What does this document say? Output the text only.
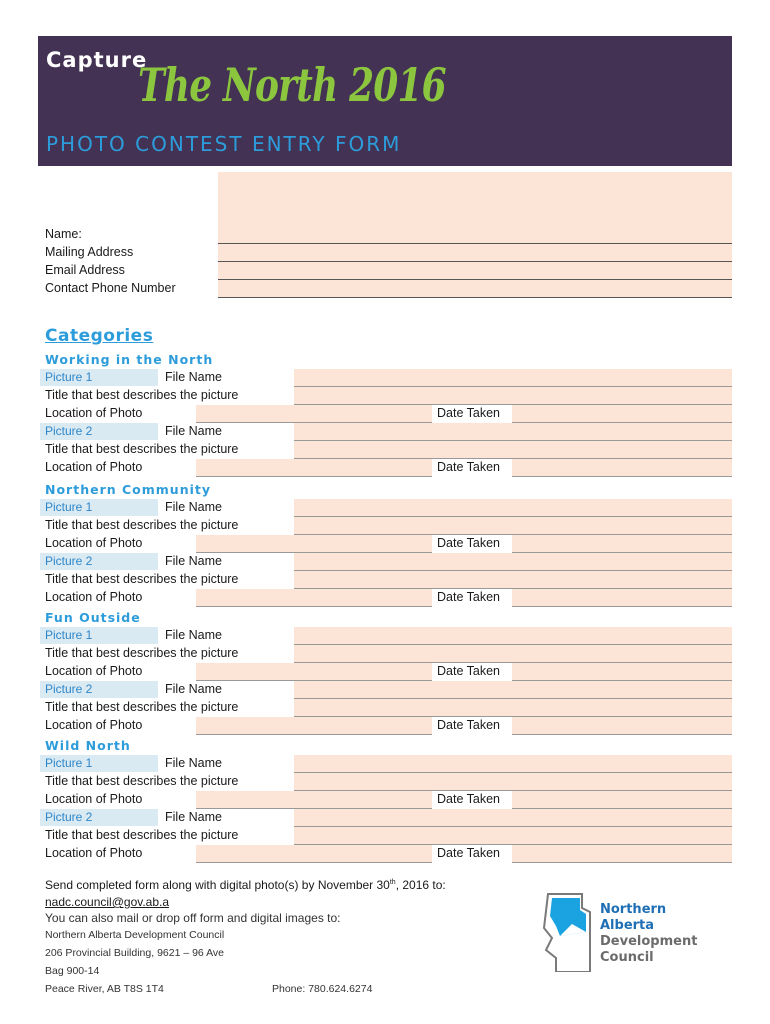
Capture
The North 2016
PHOTO CONTEST ENTRY FORM
Name:
Mailing Address
Email Address
Contact Phone Number
Categories
Working in the North
Picture 1	File Name
Title that best describes the picture
Location of Photo	Date Taken
Picture 2	File Name
Title that best describes the picture
Location of Photo	Date Taken
Northern Community
Picture 1	File Name
Title that best describes the picture
Location of Photo	Date Taken
Picture 2	File Name
Title that best describes the picture
Location of Photo	Date Taken
Fun Outside
Picture 1	File Name
Title that best describes the picture
Location of Photo	Date Taken
Picture 2	File Name
Title that best describes the picture
Location of Photo	Date Taken
Wild North
Picture 1	File Name
Title that best describes the picture
Location of Photo	Date Taken
Picture 2	File Name
Title that best describes the picture
Location of Photo	Date Taken
Send completed form along with digital photo(s) by November 30th, 2016 to:
nadc.council@gov.ab.a
You can also mail or drop off form and digital images to:
Northern Alberta Development Council
206 Provincial Building, 9621 – 96 Ave
Bag 900-14
Peace River, AB T8S 1T4	Phone: 780.624.6274
Northern
Alberta
Development
Council
